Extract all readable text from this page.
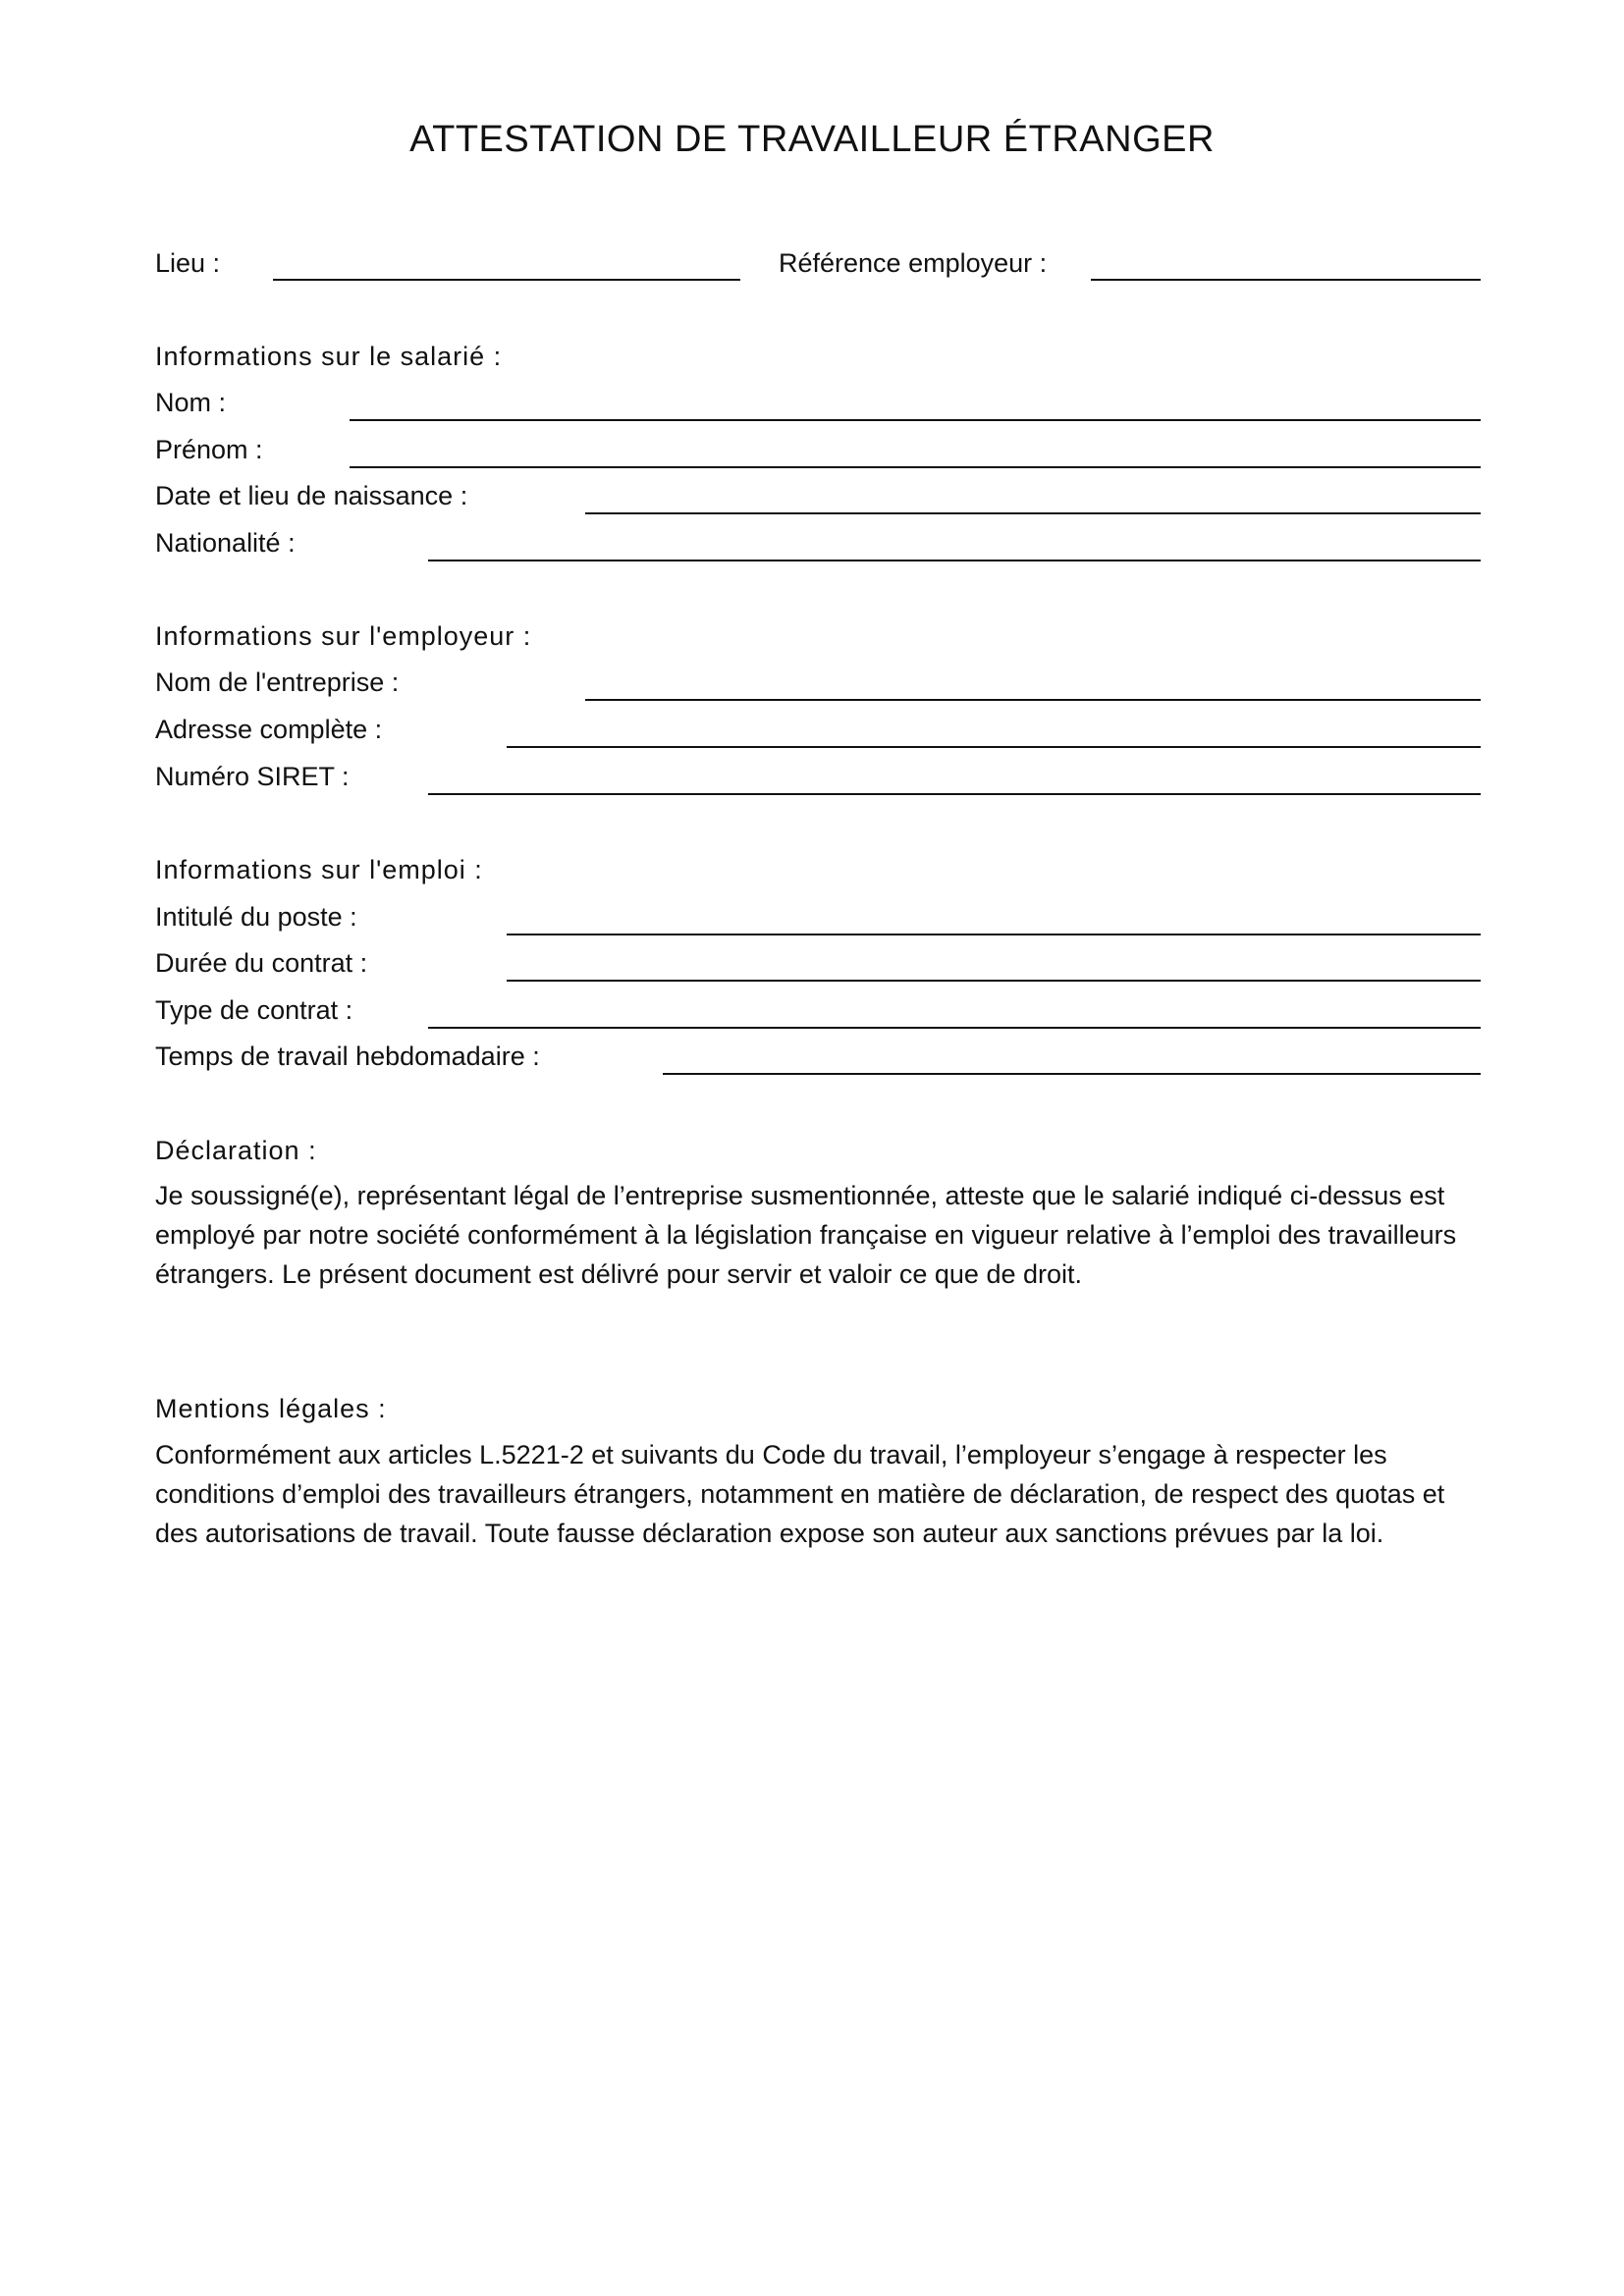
ATTESTATION DE TRAVAILLEUR ÉTRANGER
Lieu :	Référence employeur :
Informations sur le salarié :
Nom :
Prénom :
Date et lieu de naissance :
Nationalité :
Informations sur l'employeur :
Nom de l'entreprise :
Adresse complète :
Numéro SIRET :
Informations sur l'emploi :
Intitulé du poste :
Durée du contrat :
Type de contrat :
Temps de travail hebdomadaire :
Déclaration :
Je soussigné(e), représentant légal de l’entreprise susmentionnée, atteste que le salarié indiqué ci-dessus est employé par notre société conformément à la législation française en vigueur relative à l’emploi des travailleurs étrangers. Le présent document est délivré pour servir et valoir ce que de droit.
Mentions légales :
Conformément aux articles L.5221-2 et suivants du Code du travail, l’employeur s’engage à respecter les conditions d’emploi des travailleurs étrangers, notamment en matière de déclaration, de respect des quotas et des autorisations de travail. Toute fausse déclaration expose son auteur aux sanctions prévues par la loi.
